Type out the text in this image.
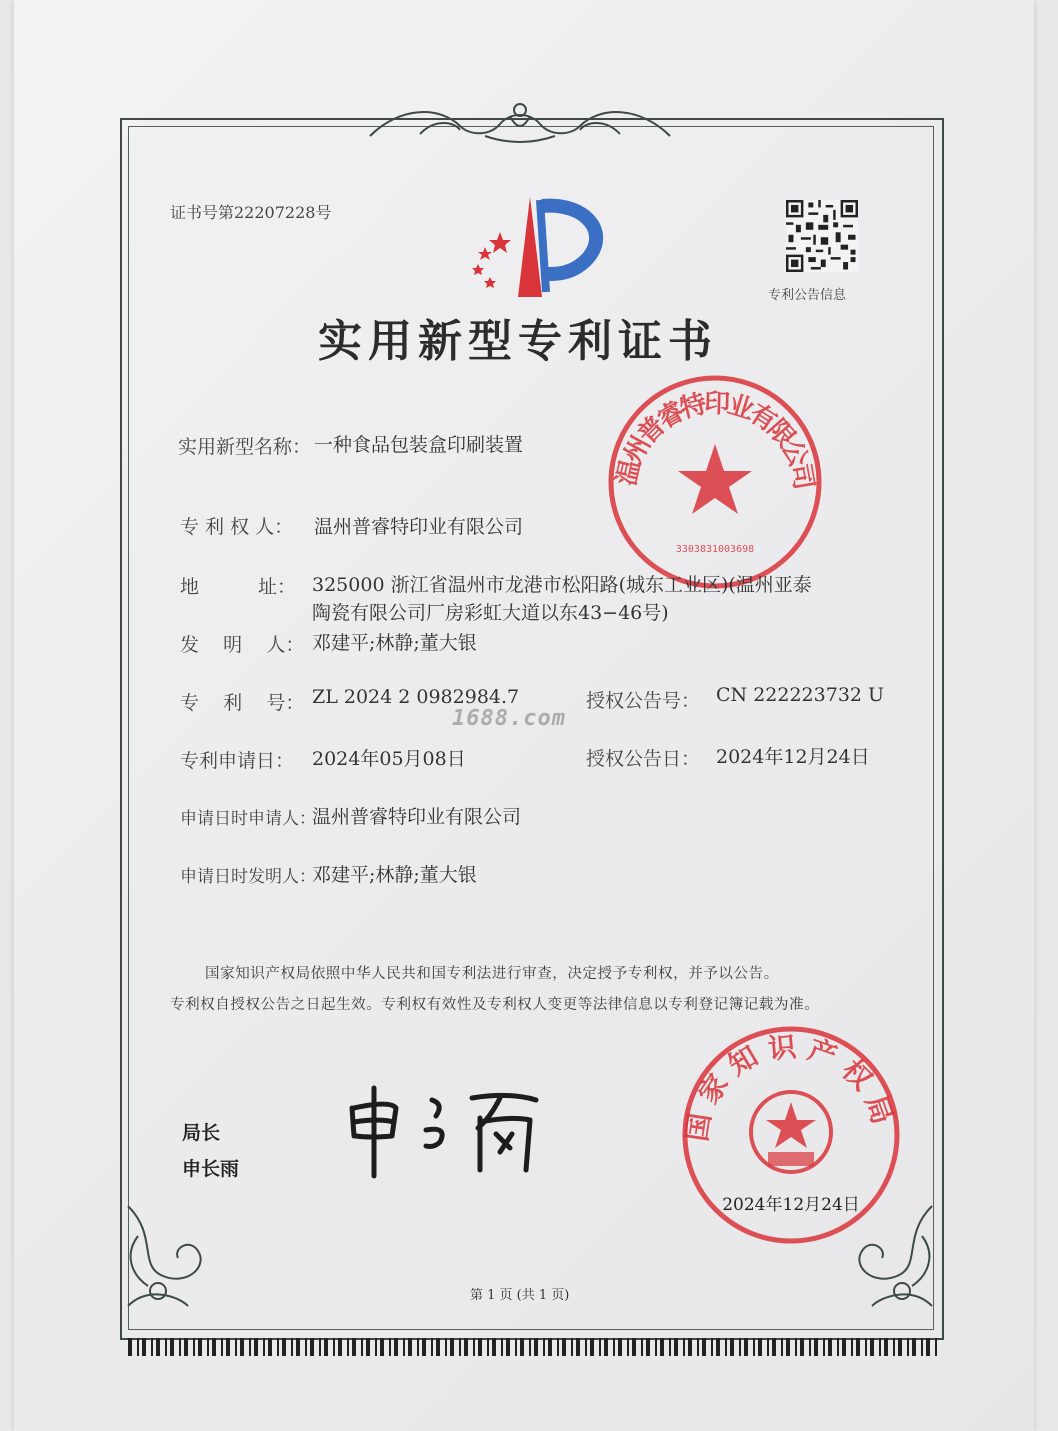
证书号第22207228号
专利公告信息
实用新型专利证书
温州普睿特印业有限公司
3303831003698
实用新型名称： 一种食品包装盒印刷装置
专 利 权 人： 温州普睿特印业有限公司
地	址： 325000 浙江省温州市龙港市松阳路(城东工业区)(温州亚泰
陶瓷有限公司厂房彩虹大道以东43−46号)
发    明    人： 邓建平;林静;董大银
专    利    号： ZL 2024 2 0982984.7	授权公告号： CN 222223732 U
1688.com
专利申请日： 2024年05月08日	授权公告日： 2024年12月24日
申请日时申请人：
温州普睿特印业有限公司
申请日时发明人：
邓建平;林静;董大银
国家知识产权局依照中华人民共和国专利法进行审查，决定授予专利权，并予以公告。
专利权自授权公告之日起生效。专利权有效性及专利权人变更等法律信息以专利登记簿记载为准。
局长
申长雨
国家知识产权局
2024年12月24日
第 1 页 (共 1 页)
